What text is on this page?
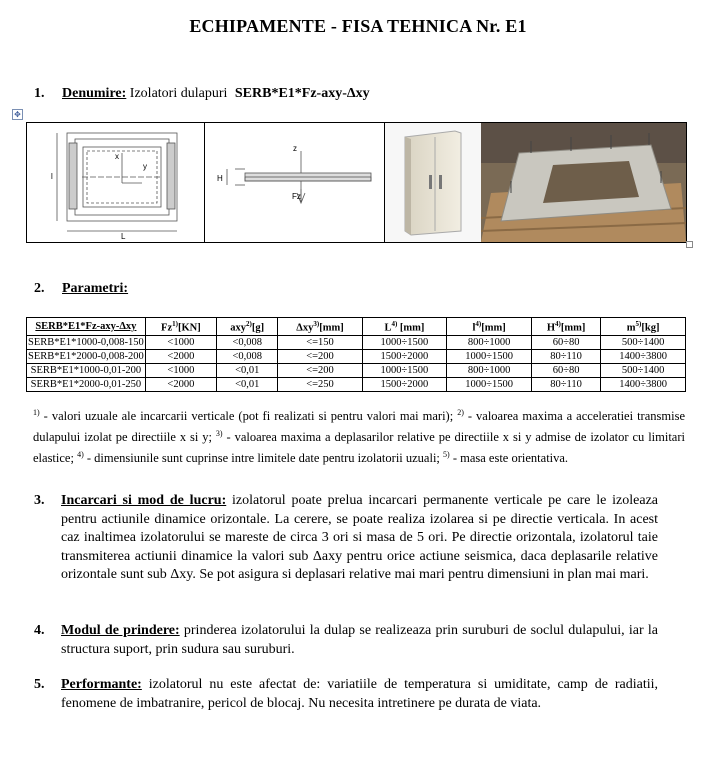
ECHIPAMENTE - FISA TEHNICA Nr. E1
1. Denumire: Izolatori dulapuri SERB*E1*Fz-axy-Δxy
✥
x
y
l
L
z
H
Fz
2. Parametri:
SERB*E1*Fz-axy-Δxy	Fz$^{1)}$[KN]	axy$^{2)}$[g]	Δxy$^{3)}$[mm]	$L^{4)}$ [mm]	$l^{4)}[mm]$	$H^{4)}[mm]$	$m^{5)}[kg]$
SERB*E1*1000-0,008-150	<1000	<0,008	<=150	1000÷1500	800÷1000	60÷80	500÷1400
SERB*E1*2000-0,008-200	<2000	<0,008	<=200	1500÷2000	1000÷1500	80÷110	1400÷3800
SERB*E1*1000-0,01-200	<1000	<0,01	<=200	1000÷1500	800÷1000	60÷80	500÷1400
SERB*E1*2000-0,01-250	<2000	<0,01	<=250	1500÷2000	1000÷1500	80÷110	1400÷3800
$^{1)}$ - valori uzuale ale incarcarii verticale (pot fi realizati si pentru valori mai mari); $^{2)}$ - valoarea maxima a acceleratiei transmise dulapului izolat pe directiile x si y; $^{3)}$ - valoarea maxima a deplasarilor relative pe directiile x si y admise de izolator cu limitari elastice; $^{4)}$ - dimensiunile sunt cuprinse intre limitele date pentru izolatorii uzuali; $^{5)}$ - masa este orientativa.
3.	Incarcari si mod de lucru: izolatorul poate prelua incarcari permanente verticale pe care le izoleaza pentru actiunile dinamice orizontale. La cerere, se poate realiza izolarea si pe directie verticala. In acest caz inaltimea izolatorului se mareste de circa 3 ori si masa de 5 ori. Pe directie orizontala, izolatorul taie transmiterea actiunii dinamice la valori sub Δaxy pentru orice actiune seismica, daca deplasarile relative orizontale sunt sub Δxy. Se pot asigura si deplasari relative mai mari pentru dimensiuni in plan mai mari.
4.	Modul de prindere: prinderea izolatorului la dulap se realizeaza prin suruburi de soclul dulapului, iar la structura suport, prin sudura sau suruburi.
5.	Performante: izolatorul nu este afectat de: variatiile de temperatura si umiditate, camp de radiatii, fenomene de imbatranire, pericol de blocaj. Nu necesita intretinere pe durata de viata.
